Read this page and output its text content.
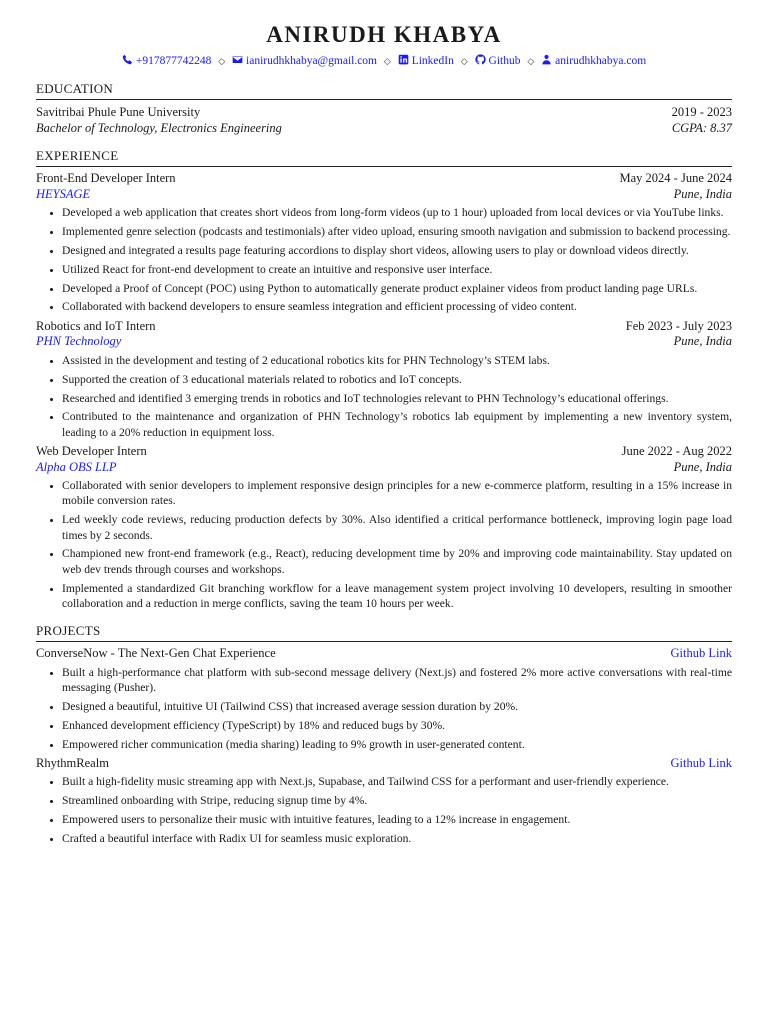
ANIRUDH KHABYA
+917877742248 ◇ ianirudhkhabya@gmail.com ◇ LinkedIn ◇ Github ◇ anirudhkhabya.com
EDUCATION
Savitribai Phule Pune University	2019 - 2023
Bachelor of Technology, Electronics Engineering	CGPA: 8.37
EXPERIENCE
Front-End Developer Intern	May 2024 - June 2024
HEYSAGE	Pune, India
• Developed a web application that creates short videos from long-form videos (up to 1 hour) uploaded from local devices or via YouTube links.
• Implemented genre selection (podcasts and testimonials) after video upload, ensuring smooth navigation and submission to backend processing.
• Designed and integrated a results page featuring accordions to display short videos, allowing users to play or download videos directly.
• Utilized React for front-end development to create an intuitive and responsive user interface.
• Developed a Proof of Concept (POC) using Python to automatically generate product explainer videos from product landing page URLs.
• Collaborated with backend developers to ensure seamless integration and efficient processing of video content.
Robotics and IoT Intern	Feb 2023 - July 2023
PHN Technology	Pune, India
• Assisted in the development and testing of 2 educational robotics kits for PHN Technology’s STEM labs.
• Supported the creation of 3 educational materials related to robotics and IoT concepts.
• Researched and identified 3 emerging trends in robotics and IoT technologies relevant to PHN Technology’s educational offerings.
• Contributed to the maintenance and organization of PHN Technology’s robotics lab equipment by implementing a new inventory system, leading to a 20% reduction in equipment loss.
Web Developer Intern	June 2022 - Aug 2022
Alpha OBS LLP	Pune, India
• Collaborated with senior developers to implement responsive design principles for a new e-commerce platform, resulting in a 15% increase in mobile conversion rates.
• Led weekly code reviews, reducing production defects by 30%. Also identified a critical performance bottleneck, improving login page load times by 2 seconds.
• Championed new front-end framework (e.g., React), reducing development time by 20% and improving code maintainability. Stay updated on web dev trends through courses and workshops.
• Implemented a standardized Git branching workflow for a leave management system project involving 10 developers, resulting in smoother collaboration and a reduction in merge conflicts, saving the team 10 hours per week.
PROJECTS
ConverseNow - The Next-Gen Chat Experience	Github Link
• Built a high-performance chat platform with sub-second message delivery (Next.js) and fostered 2% more active conversations with real-time messaging (Pusher).
• Designed a beautiful, intuitive UI (Tailwind CSS) that increased average session duration by 20%.
• Enhanced development efficiency (TypeScript) by 18% and reduced bugs by 30%.
• Empowered richer communication (media sharing) leading to 9% growth in user-generated content.
RhythmRealm	Github Link
• Built a high-fidelity music streaming app with Next.js, Supabase, and Tailwind CSS for a performant and user-friendly experience.
• Streamlined onboarding with Stripe, reducing signup time by 4%.
• Empowered users to personalize their music with intuitive features, leading to a 12% increase in engagement.
• Crafted a beautiful interface with Radix UI for seamless music exploration.
